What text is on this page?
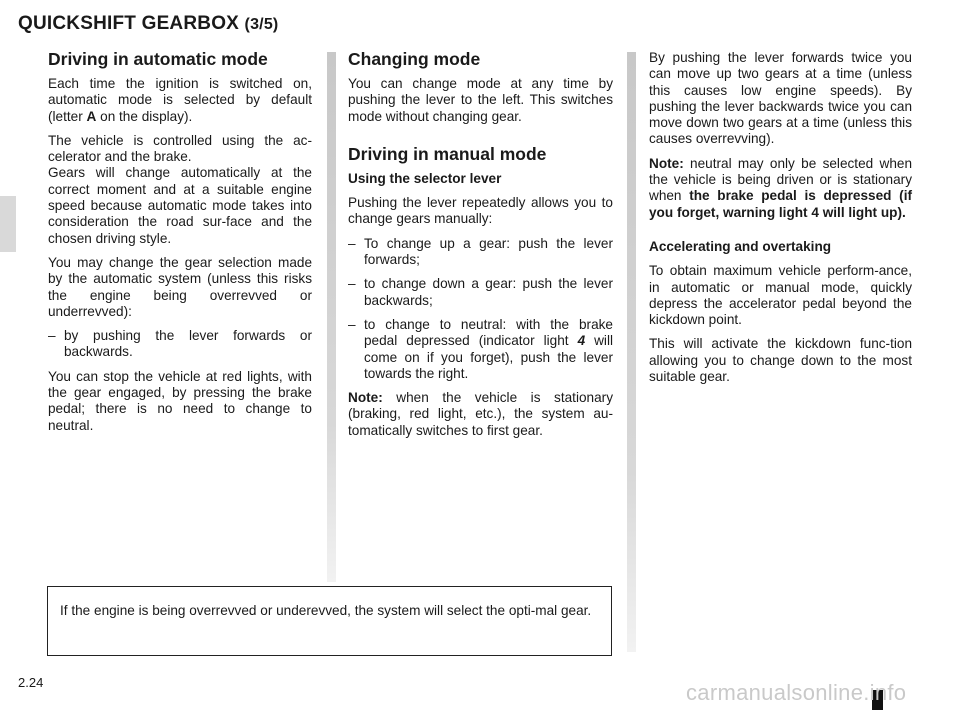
QUICKSHIFT GEARBOX (3/5)
Driving in automatic mode

Each time the ignition is switched on, automatic mode is selected by default (letter A on the display).

The vehicle is controlled using the ac-celerator and the brake.

Gears will change automatically at the correct moment and at a suitable engine speed because automatic mode takes into consideration the road sur-face and the chosen driving style.

You may change the gear selection made by the automatic system (unless this risks the engine being overrevved or underrevved):

– by pushing the lever forwards or backwards.

You can stop the vehicle at red lights, with the gear engaged, by pressing the brake pedal; there is no need to change to neutral.

Changing mode

You can change mode at any time by pushing the lever to the left. This switches mode without changing gear.

Driving in manual mode
Using the selector lever

Pushing the lever repeatedly allows you to change gears manually:

– To change up a gear: push the lever forwards;
– to change down a gear: push the lever backwards;
– to change to neutral: with the brake pedal depressed (indicator light 4 will come on if you forget), push the lever towards the right.

Note: when the vehicle is stationary (braking, red light, etc.), the system au-tomatically switches to first gear.

By pushing the lever forwards twice you can move up two gears at a time (unless this causes low engine speeds). By pushing the lever backwards twice you can move down two gears at a time (unless this causes overrevving).

Note: neutral may only be selected when the vehicle is being driven or is stationary when the brake pedal is depressed (if you forget, warning light 4 will light up).

Accelerating and overtaking

To obtain maximum vehicle perform-ance, in automatic or manual mode, quickly depress the accelerator pedal beyond the kickdown point.

This will activate the kickdown func-tion allowing you to change down to the most suitable gear.

If the engine is being overrevved or underevved, the system will select the opti-mal gear.
2.24	carmanualsonline.info
